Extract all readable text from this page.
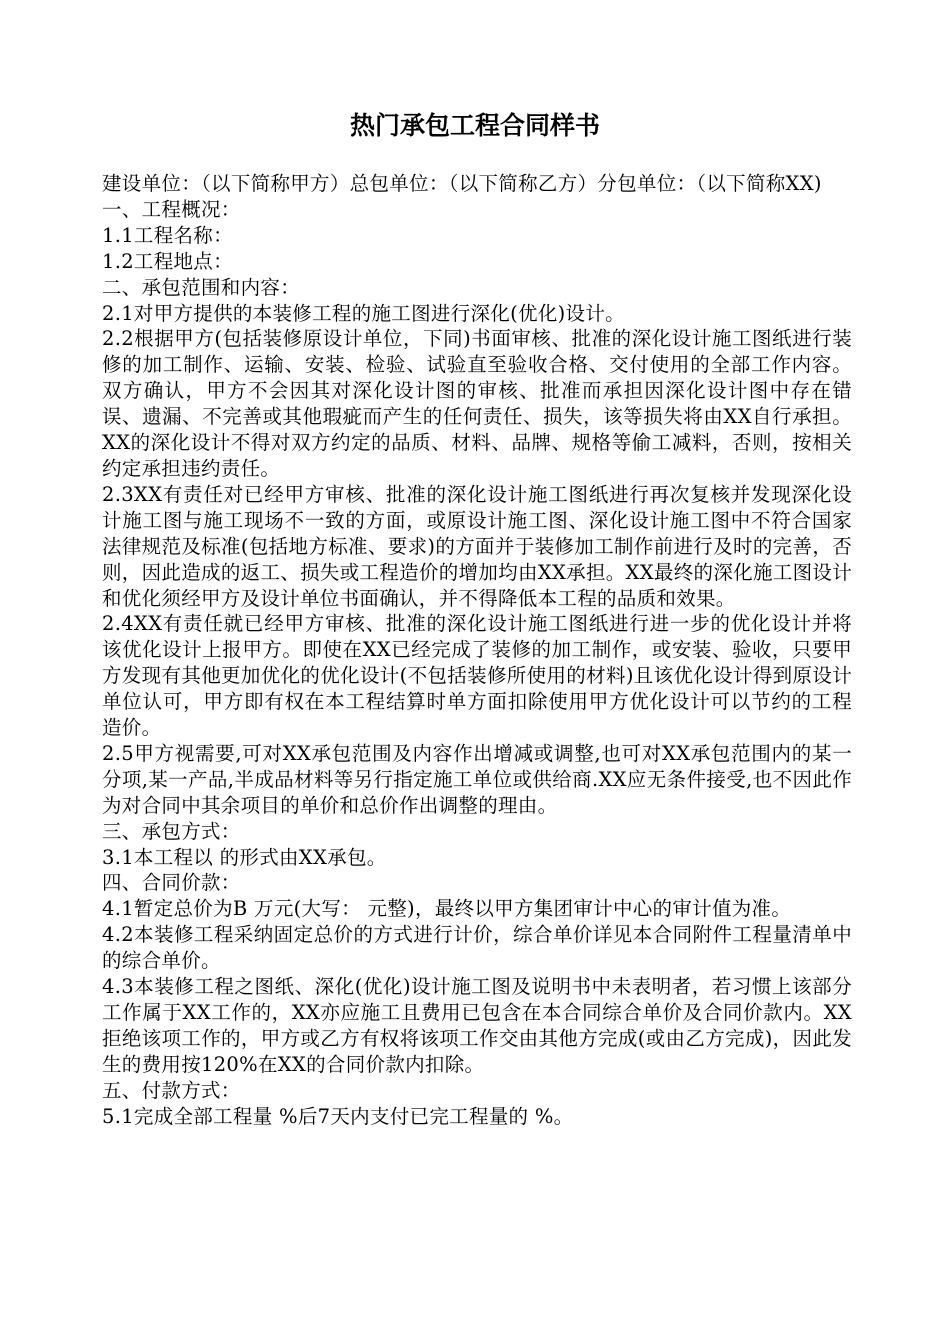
热门承包工程合同样书

建设单位：（以下简称甲方）总包单位：（以下简称乙方）分包单位：（以下简称XX)

一、工程概况：

1.1工程名称：

1.2工程地点：

二、承包范围和内容：

2.1对甲方提供的本装修工程的施工图进行深化(优化)设计。

2.2根据甲方(包括装修原设计单位，下同)书面审核、批准的深化设计施工图纸进行装修的加工制作、运输、安装、检验、试验直至验收合格、交付使用的全部工作内容。双方确认，甲方不会因其对深化设计图的审核、批准而承担因深化设计图中存在错误、遗漏、不完善或其他瑕疵而产生的任何责任、损失，该等损失将由XX自行承担。XX的深化设计不得对双方约定的品质、材料、品牌、规格等偷工减料，否则，按相关约定承担违约责任。

2.3XX有责任对已经甲方审核、批准的深化设计施工图纸进行再次复核并发现深化设计施工图与施工现场不一致的方面，或原设计施工图、深化设计施工图中不符合国家法律规范及标准(包括地方标准、要求)的方面并于装修加工制作前进行及时的完善，否则，因此造成的返工、损失或工程造价的增加均由XX承担。XX最终的深化施工图设计和优化须经甲方及设计单位书面确认，并不得降低本工程的品质和效果。

2.4XX有责任就已经甲方审核、批准的深化设计施工图纸进行进一步的优化设计并将该优化设计上报甲方。即使在XX已经完成了装修的加工制作，或安装、验收，只要甲方发现有其他更加优化的优化设计(不包括装修所使用的材料)且该优化设计得到原设计单位认可，甲方即有权在本工程结算时单方面扣除使用甲方优化设计可以节约的工程造价。

2.5甲方视需要,可对XX承包范围及内容作出增减或调整,也可对XX承包范围内的某一分项,某一产品,半成品材料等另行指定施工单位或供给商.XX应无条件接受,也不因此作为对合同中其余项目的单价和总价作出调整的理由。

三、承包方式：

3.1本工程以 的形式由XX承包。

四、合同价款：

4.1暂定总价为B 万元(大写： 元整)，最终以甲方集团审计中心的审计值为准。

4.2本装修工程采纳固定总价的方式进行计价，综合单价详见本合同附件工程量清单中的综合单价。

4.3本装修工程之图纸、深化(优化)设计施工图及说明书中未表明者，若习惯上该部分工作属于XX工作的，XX亦应施工且费用已包含在本合同综合单价及合同价款内。XX拒绝该项工作的，甲方或乙方有权将该项工作交由其他方完成(或由乙方完成)，因此发生的费用按120%在XX的合同价款内扣除。

五、付款方式：

5.1完成全部工程量 %后7天内支付已完工程量的 %。
